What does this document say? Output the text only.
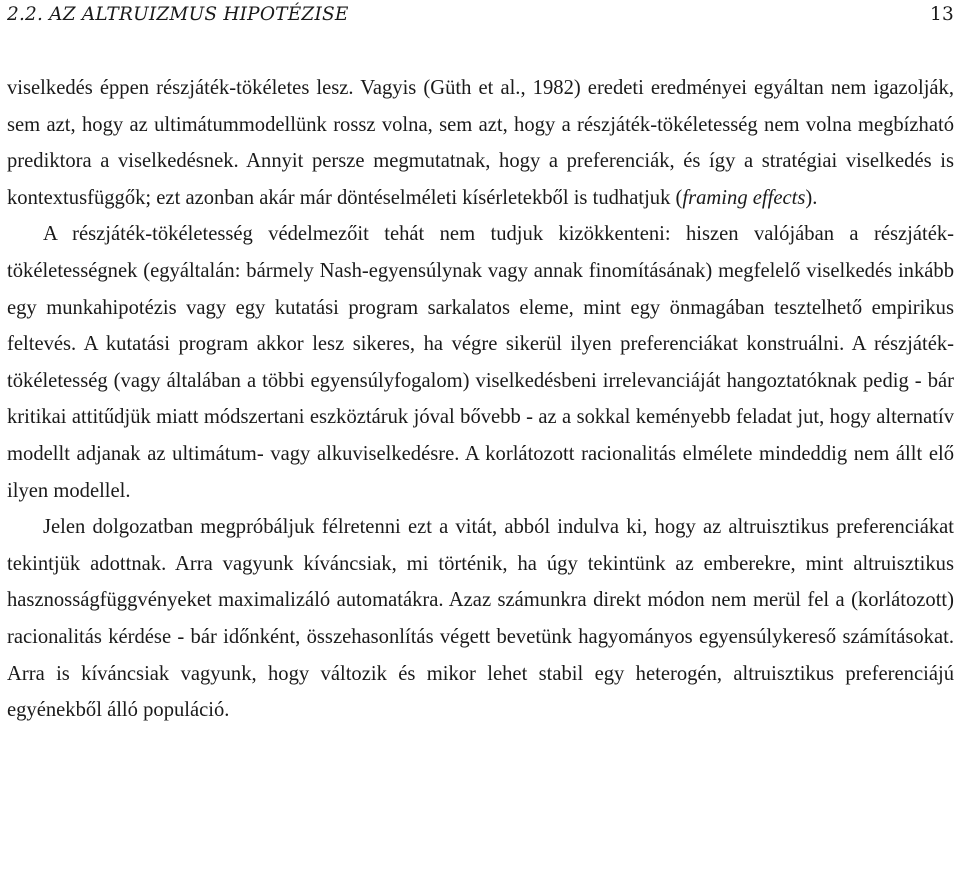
2.2. AZ ALTRUIZMUS HIPOTÉZISE	13

viselkedés éppen részjáték-tökéletes lesz. Vagyis (Güth et al., 1982) eredeti eredményei egyáltan nem igazolják, sem azt, hogy az ultimátummodellünk rossz volna, sem azt, hogy a részjáték-tökéletesség nem volna megbízható prediktora a viselkedésnek. Annyit persze megmutatnak, hogy a preferenciák, és így a stratégiai viselkedés is kontextusfüggők; ezt azonban akár már döntéselméleti kísérletekből is tudhatjuk (framing effects).

A részjáték-tökéletesség védelmezőit tehát nem tudjuk kizökkenteni: hiszen valójában a részjáték-tökéletességnek (egyáltalán: bármely Nash-egyensúlynak vagy annak finomításának) megfelelő viselkedés inkább egy munkahipotézis vagy egy kutatási program sarkalatos eleme, mint egy önmagában tesztelhető empirikus feltevés. A kutatási program akkor lesz sikeres, ha végre sikerül ilyen preferenciákat konstruálni. A részjáték-tökéletesség (vagy általában a többi egyensúlyfogalom) viselkedésbeni irrelevanciáját hangoztatóknak pedig - bár kritikai attitűdjük miatt módszertani eszköztáruk jóval bővebb - az a sokkal keményebb feladat jut, hogy alternatív modellt adjanak az ultimátum- vagy alkuviselkedésre. A korlátozott racionalitás elmélete mindeddig nem állt elő ilyen modellel.

Jelen dolgozatban megpróbáljuk félretenni ezt a vitát, abból indulva ki, hogy az altruisztikus preferenciákat tekintjük adottnak. Arra vagyunk kíváncsiak, mi történik, ha úgy tekintünk az emberekre, mint altruisztikus hasznosságfüggvényeket maximalizáló automatákra. Azaz számunkra direkt módon nem merül fel a (korlátozott) racionalitás kérdése - bár időnként, összehasonlítás végett bevetünk hagyományos egyensúlykereső számításokat. Arra is kíváncsiak vagyunk, hogy változik és mikor lehet stabil egy heterogén, altruisztikus preferenciájú egyénekből álló populáció.
